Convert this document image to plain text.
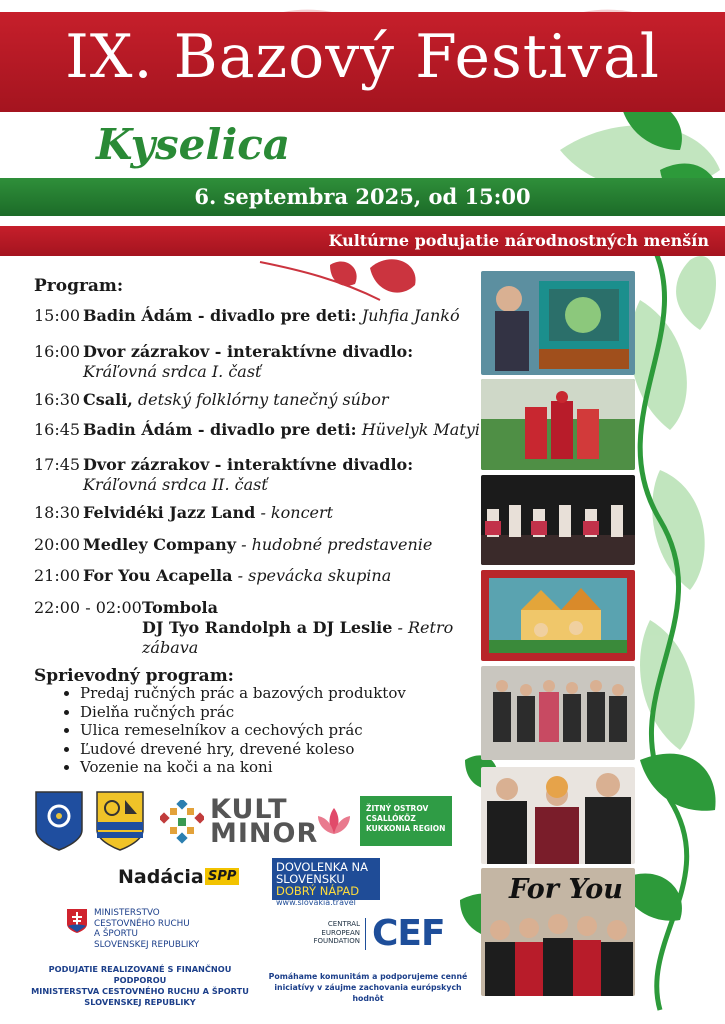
IX. Bazový Festival
Kyselica
6. septembra 2025, od 15:00
Kultúrne podujatie národnostných menšín
Program:
15:00 Badin Ádám - divadlo pre deti: Juhfia Jankó
16:00 Dvor zázrakov - interaktívne divadlo:
Kráľovná srdca I. časť
16:30 Csali, detský folklórny tanečný súbor
16:45 Badin Ádám - divadlo pre deti: Hüvelyk Matyi
17:45 Dvor zázrakov - interaktívne divadlo:
Kráľovná srdca II. časť
18:30 Felvidéki Jazz Land - koncert
20:00 Medley Company - hudobné predstavenie
21:00 For You Acapella - spevácka skupina
22:00 - 02:00Tombola
DJ Tyo Randolph a DJ Leslie - Retro
zábava
Sprievodný program:
• Predaj ručných prác a bazových produktov
• Dielňa ručných prác
• Ulica remeselníkov a cechových prác
• Ľudové drevené hry, drevené koleso
• Vozenie na koči a na koni
For You
KULT
MINOR
ŽITNÝ OSTROV
CSALLÓKÖZ
KUKKONIA REGION
Nadácia SPP
DOVOLENKA NA
SLOVENSKU
DOBRÝ NÁPAD
www.slovakia.travel
MINISTERSTVO
CESTOVNÉHO RUCHU
A ŠPORTU
SLOVENSKEJ REPUBLIKY
CENTRAL
EUROPEAN
FOUNDATION CEF
PODUJATIE REALIZOVANÉ S FINANČNOU PODPOROU
MINISTERSTVA CESTOVNÉHO RUCHU A ŠPORTU
SLOVENSKEJ REPUBLIKY
Pomáhame komunitám a podporujeme cenné
iniciatívy v záujme zachovania európskych hodnôt
